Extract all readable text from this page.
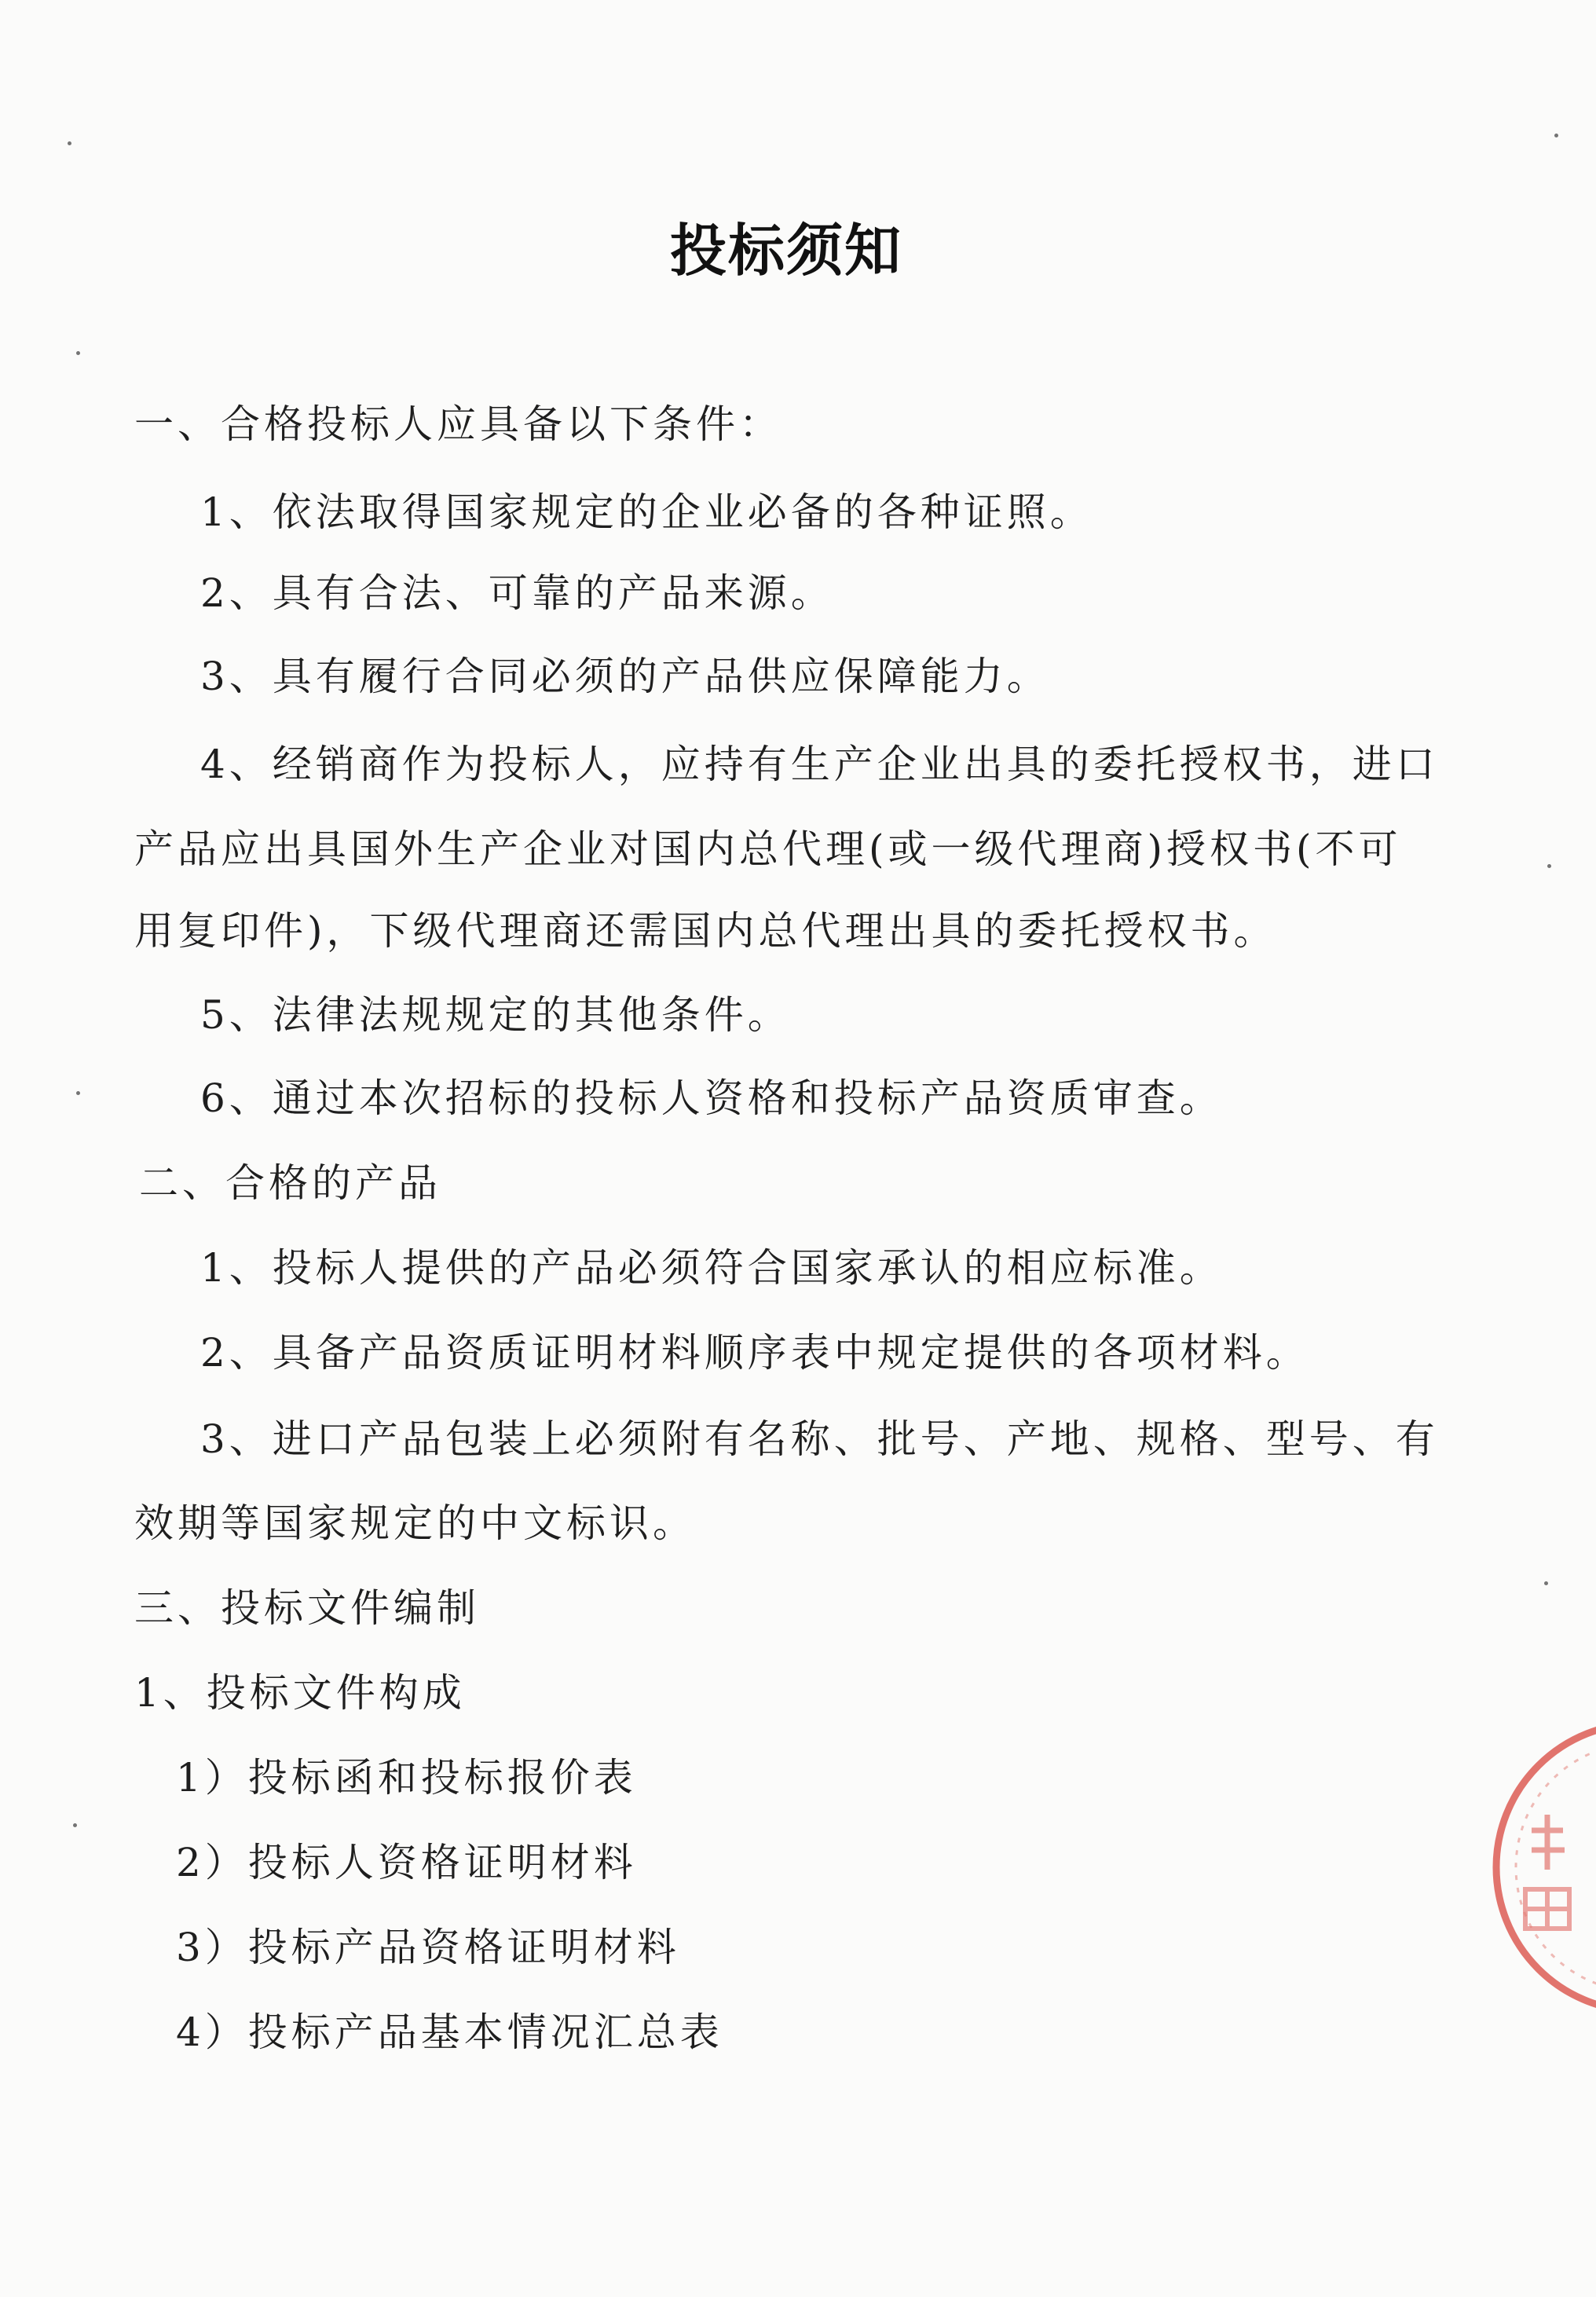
投标须知
一、合格投标人应具备以下条件：
1、依法取得国家规定的企业必备的各种证照。
2、具有合法、可靠的产品来源。
3、具有履行合同必须的产品供应保障能力。
4、经销商作为投标人，应持有生产企业出具的委托授权书，进口
产品应出具国外生产企业对国内总代理(或一级代理商)授权书(不可
用复印件)，下级代理商还需国内总代理出具的委托授权书。
5、法律法规规定的其他条件。
6、通过本次招标的投标人资格和投标产品资质审查。
二、合格的产品
1、投标人提供的产品必须符合国家承认的相应标准。
2、具备产品资质证明材料顺序表中规定提供的各项材料。
3、进口产品包装上必须附有名称、批号、产地、规格、型号、有
效期等国家规定的中文标识。
三、投标文件编制
1、投标文件构成
1）投标函和投标报价表
2）投标人资格证明材料
3）投标产品资格证明材料
4）投标产品基本情况汇总表
